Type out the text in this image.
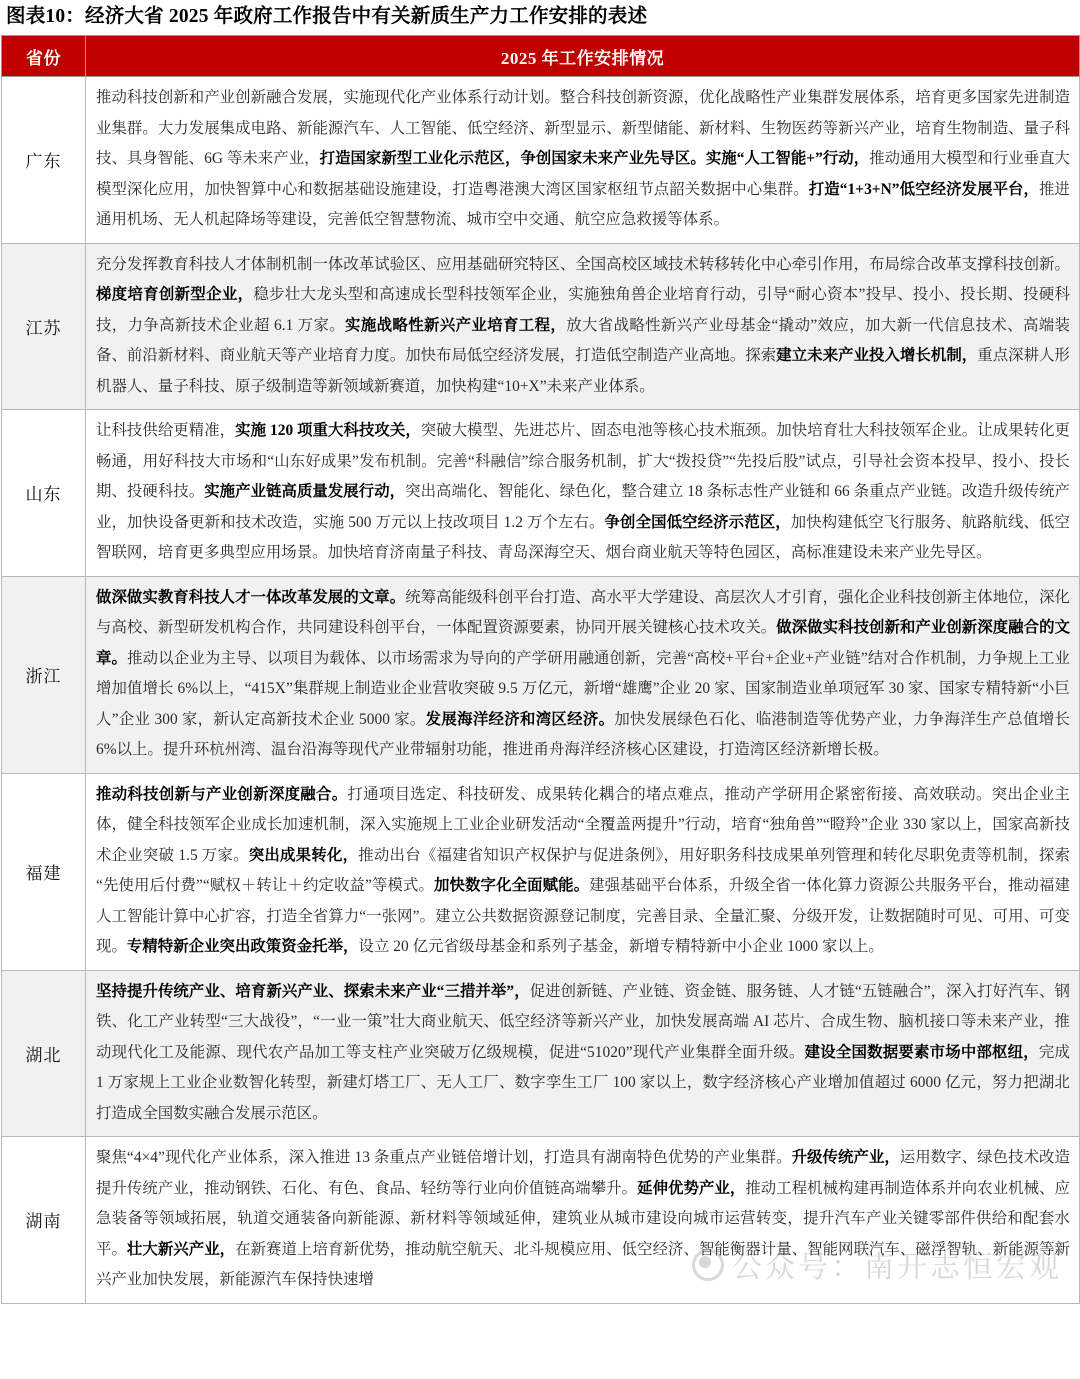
图表10：经济大省 2025 年政府工作报告中有关新质生产力工作安排的表述
省份	2025 年工作安排情况
广东	推动科技创新和产业创新融合发展，实施现代化产业体系行动计划。整合科技创新资源，优化战略性产业集群发展体系，培育更多国家先进制造业集群。大力发展集成电路、新能源汽车、人工智能、低空经济、新型显示、新型储能、新材料、生物医药等新兴产业，培育生物制造、量子科技、具身智能、6G 等未来产业，打造国家新型工业化示范区，争创国家未来产业先导区。实施“人工智能+”行动，推动通用大模型和行业垂直大模型深化应用，加快智算中心和数据基础设施建设，打造粤港澳大湾区国家枢纽节点韶关数据中心集群。打造“1+3+N”低空经济发展平台，推进通用机场、无人机起降场等建设，完善低空智慧物流、城市空中交通、航空应急救援等体系。
江苏	充分发挥教育科技人才体制机制一体改革试验区、应用基础研究特区、全国高校区域技术转移转化中心牵引作用，布局综合改革支撑科技创新。梯度培育创新型企业，稳步壮大龙头型和高速成长型科技领军企业，实施独角兽企业培育行动，引导“耐心资本”投早、投小、投长期、投硬科技，力争高新技术企业超 6.1 万家。实施战略性新兴产业培育工程，放大省战略性新兴产业母基金“撬动”效应，加大新一代信息技术、高端装备、前沿新材料、商业航天等产业培育力度。加快布局低空经济发展，打造低空制造产业高地。探索建立未来产业投入增长机制，重点深耕人形机器人、量子科技、原子级制造等新领域新赛道，加快构建“10+X”未来产业体系。
山东	让科技供给更精准，实施 120 项重大科技攻关，突破大模型、先进芯片、固态电池等核心技术瓶颈。加快培育壮大科技领军企业。让成果转化更畅通，用好科技大市场和“山东好成果”发布机制。完善“科融信”综合服务机制，扩大“拨投贷”“先投后股”试点，引导社会资本投早、投小、投长期、投硬科技。实施产业链高质量发展行动，突出高端化、智能化、绿色化，整合建立 18 条标志性产业链和 66 条重点产业链。改造升级传统产业，加快设备更新和技术改造，实施 500 万元以上技改项目 1.2 万个左右。争创全国低空经济示范区，加快构建低空飞行服务、航路航线、低空智联网，培育更多典型应用场景。加快培育济南量子科技、青岛深海空天、烟台商业航天等特色园区，高标准建设未来产业先导区。
浙江	做深做实教育科技人才一体改革发展的文章。统筹高能级科创平台打造、高水平大学建设、高层次人才引育，强化企业科技创新主体地位，深化与高校、新型研发机构合作，共同建设科创平台，一体配置资源要素，协同开展关键核心技术攻关。做深做实科技创新和产业创新深度融合的文章。推动以企业为主导、以项目为载体、以市场需求为导向的产学研用融通创新，完善“高校+平台+企业+产业链”结对合作机制，力争规上工业增加值增长 6%以上，“415X”集群规上制造业企业营收突破 9.5 万亿元，新增“雄鹰”企业 20 家、国家制造业单项冠军 30 家、国家专精特新“小巨人”企业 300 家，新认定高新技术企业 5000 家。发展海洋经济和湾区经济。加快发展绿色石化、临港制造等优势产业，力争海洋生产总值增长 6%以上。提升环杭州湾、温台沿海等现代产业带辐射功能，推进甬舟海洋经济核心区建设，打造湾区经济新增长极。
福建	推动科技创新与产业创新深度融合。打通项目选定、科技研发、成果转化耦合的堵点难点，推动产学研用企紧密衔接、高效联动。突出企业主体，健全科技领军企业成长加速机制，深入实施规上工业企业研发活动“全覆盖两提升”行动，培育“独角兽”“瞪羚”企业 330 家以上，国家高新技术企业突破 1.5 万家。突出成果转化，推动出台《福建省知识产权保护与促进条例》，用好职务科技成果单列管理和转化尽职免责等机制，探索“先使用后付费”“赋权＋转让＋约定收益”等模式。加快数字化全面赋能。建强基础平台体系，升级全省一体化算力资源公共服务平台，推动福建人工智能计算中心扩容，打造全省算力“一张网”。建立公共数据资源登记制度，完善目录、全量汇聚、分级开发，让数据随时可见、可用、可变现。专精特新企业突出政策资金托举，设立 20 亿元省级母基金和系列子基金，新增专精特新中小企业 1000 家以上。
湖北	坚持提升传统产业、培育新兴产业、探索未来产业“三措并举”，促进创新链、产业链、资金链、服务链、人才链“五链融合”，深入打好汽车、钢铁、化工产业转型“三大战役”，“一业一策”壮大商业航天、低空经济等新兴产业，加快发展高端 AI 芯片、合成生物、脑机接口等未来产业，推动现代化工及能源、现代农产品加工等支柱产业突破万亿级规模，促进“51020”现代产业集群全面升级。建设全国数据要素市场中部枢纽，完成 1 万家规上工业企业数智化转型，新建灯塔工厂、无人工厂、数字孪生工厂 100 家以上，数字经济核心产业增加值超过 6000 亿元，努力把湖北打造成全国数实融合发展示范区。
湖南	聚焦“4×4”现代化产业体系，深入推进 13 条重点产业链倍增计划，打造具有湖南特色优势的产业集群。升级传统产业，运用数字、绿色技术改造提升传统产业，推动钢铁、石化、有色、食品、轻纺等行业向价值链高端攀升。延伸优势产业，推动工程机械构建再制造体系并向农业机械、应急装备等领域拓展，轨道交通装备向新能源、新材料等领域延伸，建筑业从城市建设向城市运营转变，提升汽车产业关键零部件供给和配套水平。壮大新兴产业，在新赛道上培育新优势，推动航空航天、北斗规模应用、低空经济、智能衡器计量、智能网联汽车、磁浮智轨、新能源等新兴产业加快发展，新能源汽车保持快速增	公众号：南开志恒宏观
